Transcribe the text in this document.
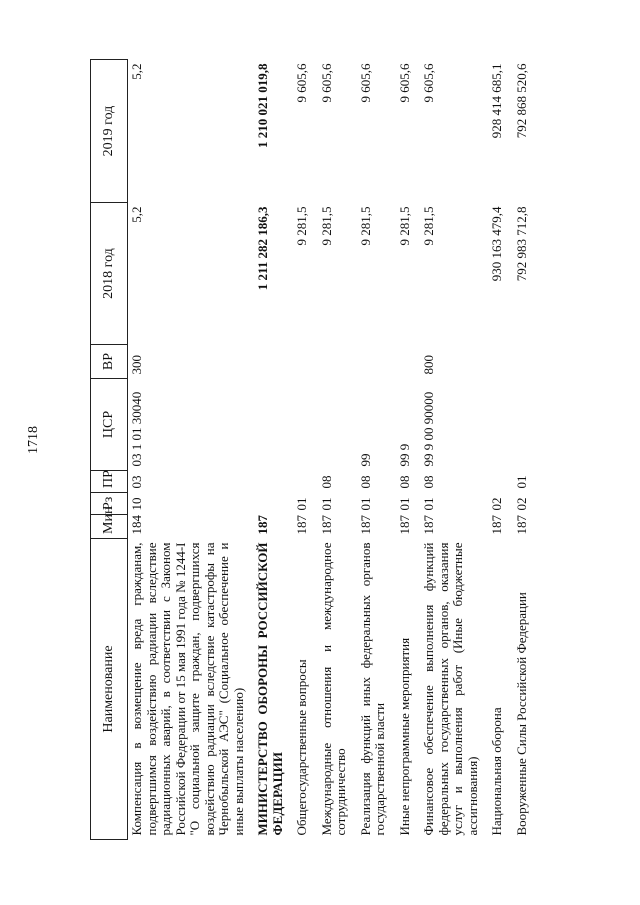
1718
Наименование	Мин	Рз	ПР	ЦСР	ВР	2018 год	2019 год
Компенсация в возмещение вреда гражданам, подвергшимся воздействию радиации вследствие радиационных аварий, в соответствии с Законом Российской Федерации от 15 мая 1991 года № 1244-I "О социальной защите граждан, подвергшихся воздействию радиации вследствие катастрофы на Чернобыльской АЭС" (Социальное обеспечение и иные выплаты населению)	184	10	03	03 1 01 30040	300	5,2	5,2
МИНИСТЕРСТВО ОБОРОНЫ РОССИЙСКОЙ ФЕДЕРАЦИИ	187					1 211 282 186,3	1 210 021 019,8
Общегосударственные вопросы	187	01				9 281,5	9 605,6
Международные отношения и международное сотрудничество	187	01	08			9 281,5	9 605,6
Реализация функций иных федеральных органов государственной власти	187	01	08	99		9 281,5	9 605,6
Иные непрограммные мероприятия	187	01	08	99 9		9 281,5	9 605,6
Финансовое обеспечение выполнения функций федеральных государственных органов, оказания услуг и выполнения работ (Иные бюджетные ассигнования)	187	01	08	99 9 00 90000	800	9 281,5	9 605,6
Национальная оборона	187	02				930 163 479,4	928 414 685,1
Вооруженные Силы Российской Федерации	187	02	01			792 983 712,8	792 868 520,6
